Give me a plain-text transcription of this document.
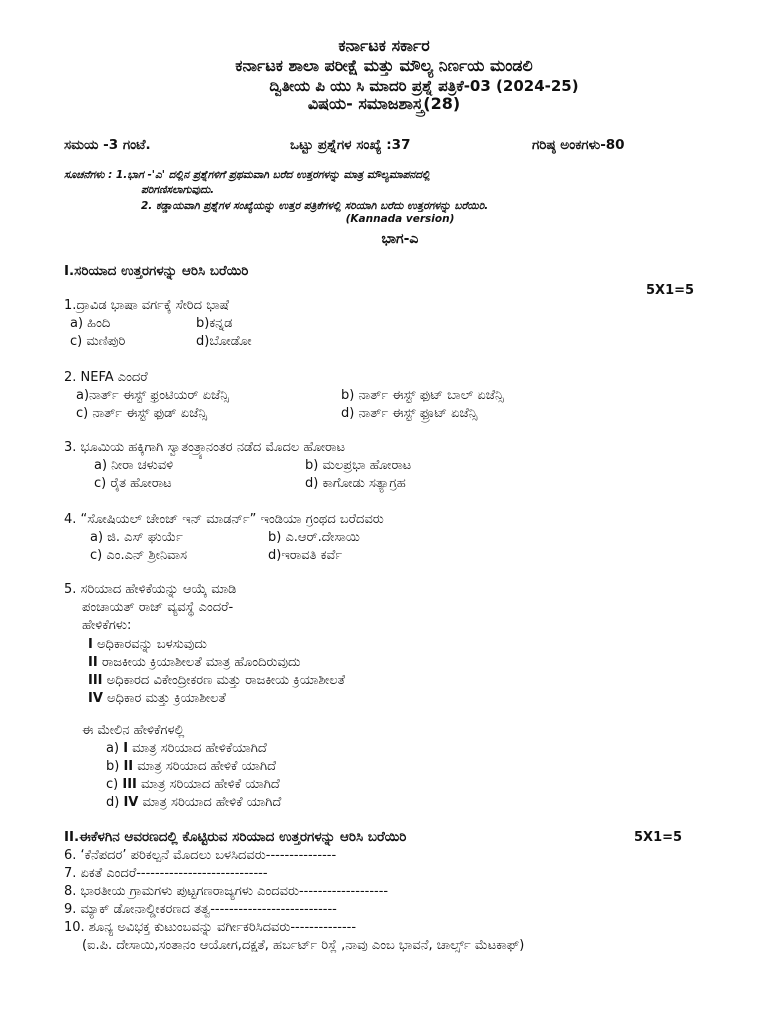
ಕರ್ನಾಟಕ ಸರ್ಕಾರ
ಕರ್ನಾಟಕ ಶಾಲಾ ಪರೀಕ್ಷೆ ಮತ್ತು ಮೌಲ್ಯ ನಿರ್ಣಯ ಮಂಡಲಿ
ದ್ವಿತೀಯ ಪಿ ಯು ಸಿ ಮಾದರಿ ಪ್ರಶ್ನೆ ಪತ್ರಿಕೆ-03 (2024-25)
ವಿಷಯ- ಸಮಾಜಶಾಸ್ತ್ರ(28)
ಸಮಯ -3 ಗಂಟೆ.	ಒಟ್ಟು ಪ್ರಶ್ನೆಗಳ ಸಂಖ್ಯೆ :37	ಗರಿಷ್ಠ ಅಂಕಗಳು-80
ಸೂಚನೆಗಳು : 1.ಭಾಗ -'ಎ' ದಲ್ಲಿನ ಪ್ರಶ್ನೆಗಳಿಗೆ ಪ್ರಥಮವಾಗಿ ಬರೆದ ಉತ್ತರಗಳನ್ನು ಮಾತ್ರ ಮೌಲ್ಯಮಾಪನದಲ್ಲಿ
ಪರಿಗಣಿಸಲಾಗುವುದು.
2. ಕಡ್ಡಾಯವಾಗಿ ಪ್ರಶ್ನೆಗಳ ಸಂಖ್ಯೆಯನ್ನು ಉತ್ತರ ಪತ್ರಿಕೆಗಳಲ್ಲಿ ಸರಿಯಾಗಿ ಬರೆದು ಉತ್ತರಗಳನ್ನು ಬರೆಯಿರಿ.
(Kannada version)
ಭಾಗ-ಎ
I.ಸರಿಯಾದ ಉತ್ತರಗಳನ್ನು ಆರಿಸಿ ಬರೆಯಿರಿ
5X1=5
1.ದ್ರಾವಿಡ ಭಾಷಾ ವರ್ಗಕ್ಕೆ ಸೇರಿದ ಭಾಷೆ
a) ಹಿಂದಿ	b)ಕನ್ನಡ
c) ಮಣಿಪುರಿ	d)ಬೋಡೋ
2. NEFA ಎಂದರೆ
a)ನಾರ್ತ್ ಈಸ್ಟ್ ಫ್ರಂಟಿಯರ್ ಏಜೆನ್ಸಿ	b) ನಾರ್ತ್ ಈಸ್ಟ್ ಫುಟ್ ಬಾಲ್ ಏಜೆನ್ಸಿ
c) ನಾರ್ತ್ ಈಸ್ಟ್ ಫುಡ್ ಏಜೆನ್ಸಿ	d) ನಾರ್ತ್ ಈಸ್ಟ್ ಫ್ರೂಟ್ ಏಜೆನ್ಸಿ
3. ಭೂಮಿಯ ಹಕ್ಕಿಗಾಗಿ ಸ್ವಾತಂತ್ರ್ಯಾನಂತರ ನಡೆದ ಮೊದಲ ಹೋರಾಟ
a) ನೀರಾ ಚಳುವಳಿ	b) ಮಲಪ್ರಭಾ ಹೋರಾಟ
c) ರೈತ ಹೋರಾಟ	d) ಕಾಗೋಡು ಸತ್ಯಾಗ್ರಹ
4. “ಸೋಷಿಯಲ್ ಚೇಂಜ್ ಇನ್ ಮಾಡರ್ನ್” ಇಂಡಿಯಾ ಗ್ರಂಥದ ಬರೆದವರು
a) ಜಿ. ಎಸ್ ಘುರ್ಯೆ	b) ಎ.ಆರ್.ದೇಸಾಯಿ
c) ಎಂ.ಎನ್ ಶ್ರೀನಿವಾಸ	d)ಇರಾವತಿ ಕರ್ವೆ
5. ಸರಿಯಾದ ಹೇಳಿಕೆಯನ್ನು ಆಯ್ಕೆ ಮಾಡಿ
ಪಂಚಾಯತ್ ರಾಜ್ ವ್ಯವಸ್ಥೆ ಎಂದರೆ-
ಹೇಳಿಕೆಗಳು:
I ಅಧಿಕಾರವನ್ನು ಬಳಸುವುದು
II ರಾಜಕೀಯ ಕ್ರಿಯಾಶೀಲತೆ ಮಾತ್ರ ಹೊಂದಿರುವುದು
III ಅಧಿಕಾರದ ವಿಕೇಂದ್ರೀಕರಣ ಮತ್ತು ರಾಜಕೀಯ ಕ್ರಿಯಾಶೀಲತೆ
IV ಅಧಿಕಾರ ಮತ್ತು ಕ್ರಿಯಾಶೀಲತೆ
ಈ ಮೇಲಿನ ಹೇಳಿಕೆಗಳಲ್ಲಿ
a) I ಮಾತ್ರ ಸರಿಯಾದ ಹೇಳಿಕೆಯಾಗಿದೆ
b) II ಮಾತ್ರ ಸರಿಯಾದ ಹೇಳಿಕೆ ಯಾಗಿದೆ
c) III ಮಾತ್ರ ಸರಿಯಾದ ಹೇಳಿಕೆ ಯಾಗಿದೆ
d) IV ಮಾತ್ರ ಸರಿಯಾದ ಹೇಳಿಕೆ ಯಾಗಿದೆ
II.ಈಕೆಳಗಿನ ಆವರಣದಲ್ಲಿ ಕೊಟ್ಟಿರುವ ಸರಿಯಾದ ಉತ್ತರಗಳನ್ನು ಆರಿಸಿ ಬರೆಯಿರಿ	5X1=5
6. ‘ಕೆನೆಪದರ’ ಪರಿಕಲ್ಪನೆ ಮೊದಲು ಬಳಸಿದವರು---------------
7. ಏಕತೆ ಎಂದರೆ----------------------------
8. ಭಾರತೀಯ ಗ್ರಾಮಗಳು ಪುಟ್ಟಗಣರಾಜ್ಯಗಳು ಎಂದವರು-------------------
9. ಮ್ಯಾಕ್ ಡೋನಾಲ್ಡೀಕರಣದ ತತ್ವ---------------------------
10. ಶೂನ್ಯ ಅವಿಭಕ್ತ ಕುಟುಂಬವನ್ನು ವರ್ಗೀಕರಿಸಿದವರು--------------
(ಐ.ಪಿ. ದೇಸಾಯಿ,ಸಂತಾನಂ ಆಯೋಗ,ದಕ್ಷತೆ, ಹರ್ಬರ್ಟ್ ರಿಸ್ಲೆ ,ನಾವು ಎಂಬ ಭಾವನೆ, ಚಾರ್ಲ್ಸ್ ಮೆಟಕಾಫ್)
